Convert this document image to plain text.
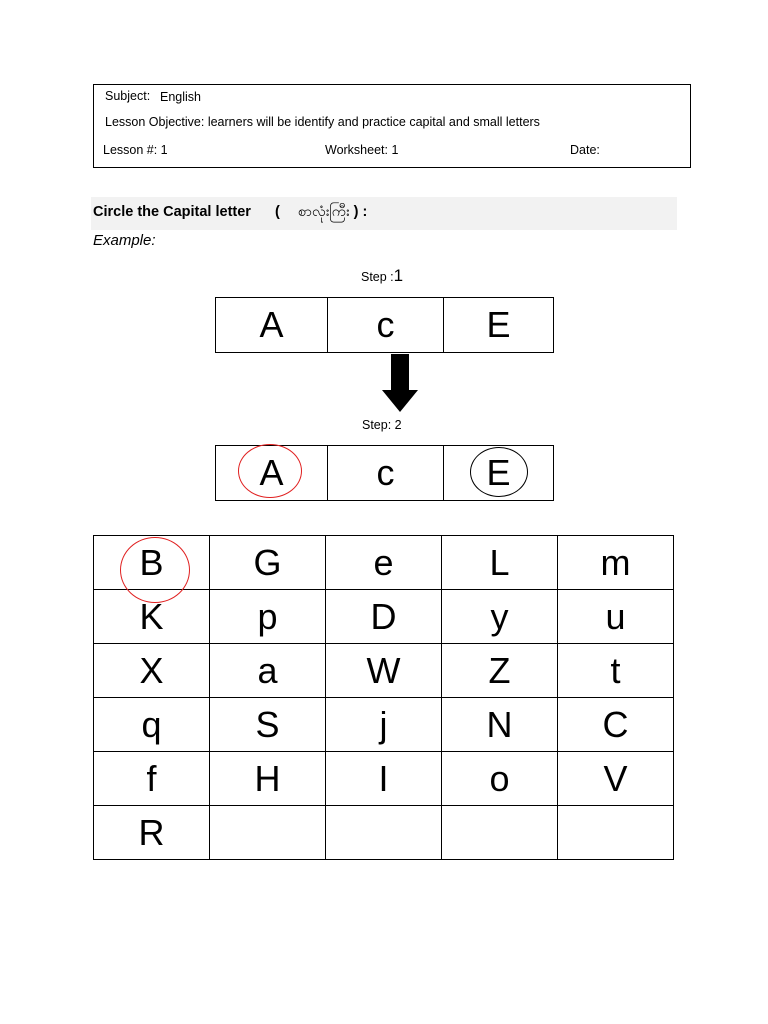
Subject: English
Lesson Objective: learners will be identify and practice capital and small letters
Lesson #: 1	Worksheet: 1	Date:
Circle the Capital letter ( စာလုံးကြီး ) :
Example:
Step :1
A	c	E
Step: 2
A	c	E
B	G	e	L	m
K	p	D	y	u
X	a	W	Z	t
q	S	j	N	C
f	H	I	o	V
R				
